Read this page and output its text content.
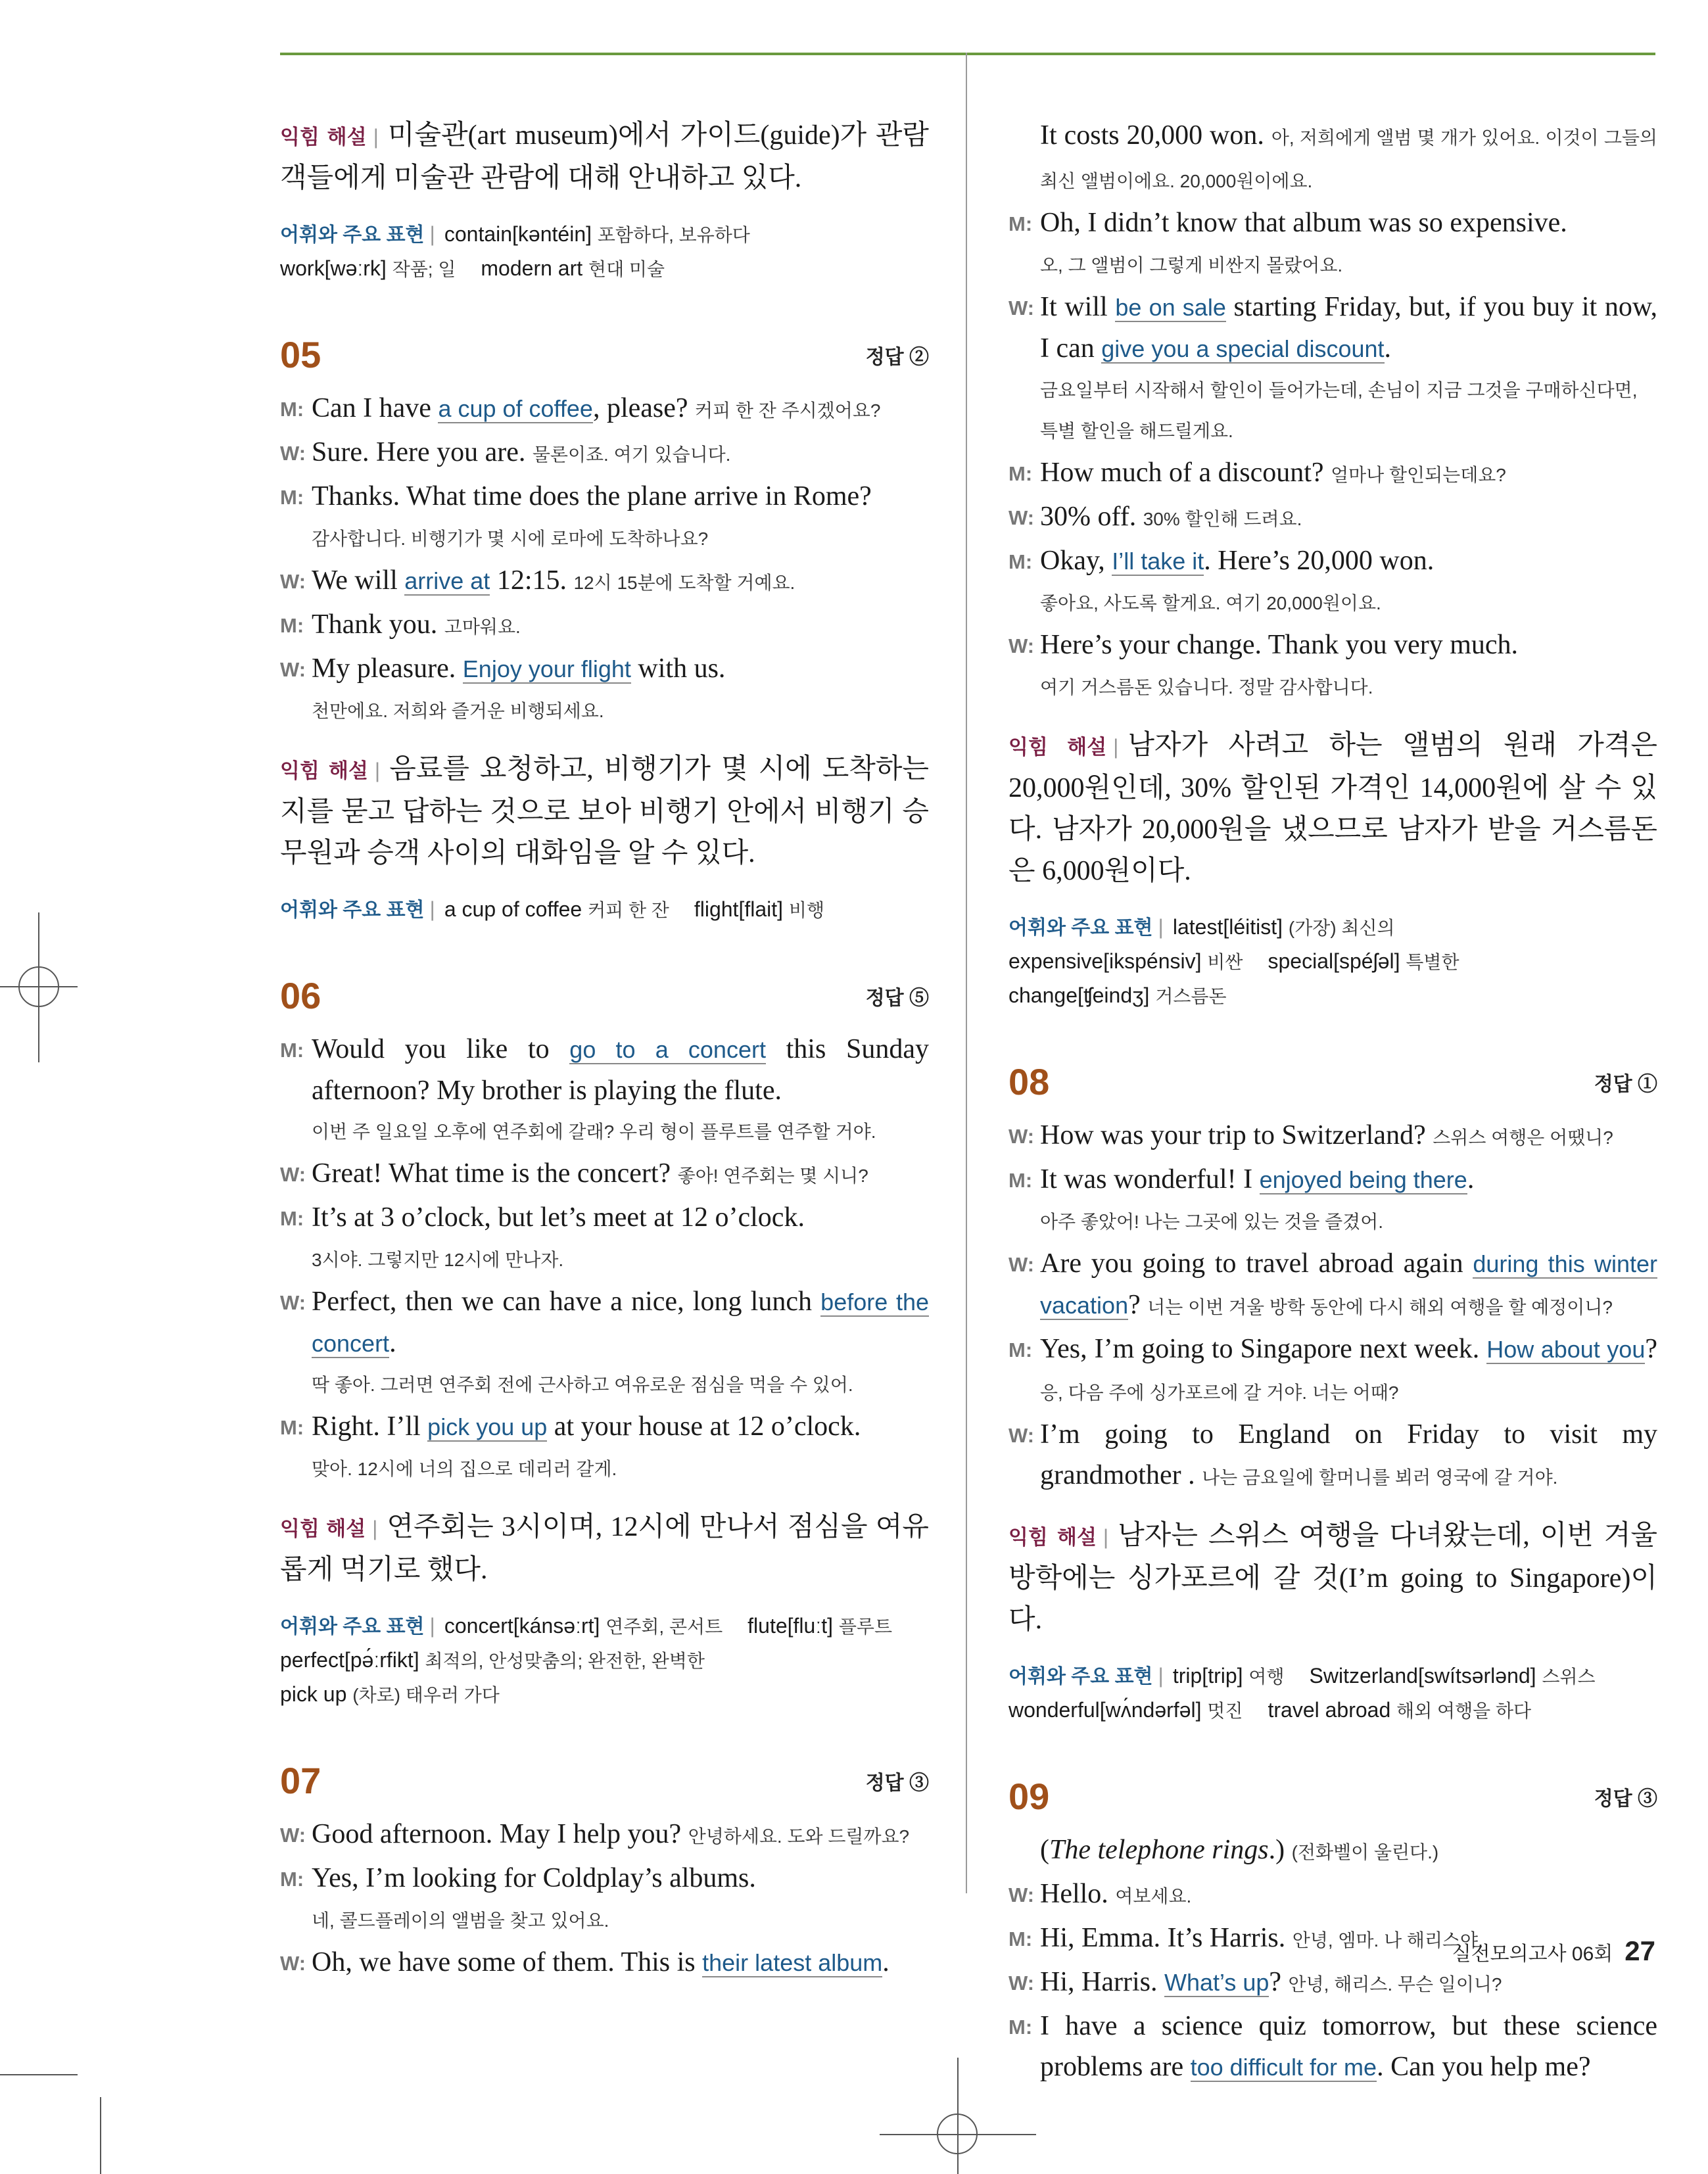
익힘 해설 | 미술관(art museum)에서 가이드(guide)가 관람객들에게 미술관 관람에 대해 안내하고 있다.
어휘와 주요 표현 | contain[kəntéin] 포함하다, 보유하다work[wəːrk] 작품; 일 modern art 현대 미술
05	정답 ②
M: Can I have a cup of coffee, please? 커피 한 잔 주시겠어요?
W: Sure. Here you are. 물론이죠. 여기 있습니다.
M: Thanks. What time does the plane arrive in Rome?
감사합니다. 비행기가 몇 시에 로마에 도착하나요?
W: We will arrive at 12:15. 12시 15분에 도착할 거예요.
M: Thank you. 고마워요.
W: My pleasure. Enjoy your flight with us.
천만에요. 저희와 즐거운 비행되세요.
익힘 해설 | 음료를 요청하고, 비행기가 몇 시에 도착하는지를 묻고 답하는 것으로 보아 비행기 안에서 비행기 승무원과 승객 사이의 대화임을 알 수 있다.
어휘와 주요 표현 | a cup of coffee 커피 한 잔 flight[flait] 비행
06	정답 ⑤
M: Would you like to go to a concert this Sunday afternoon? My brother is playing the flute.
이번 주 일요일 오후에 연주회에 갈래? 우리 형이 플루트를 연주할 거야.
W: Great! What time is the concert? 좋아! 연주회는 몇 시니?
M: It’s at 3 o’clock, but let’s meet at 12 o’clock.
3시야. 그렇지만 12시에 만나자.
W: Perfect, then we can have a nice, long lunch before the concert.
딱 좋아. 그러면 연주회 전에 근사하고 여유로운 점심을 먹을 수 있어.
M: Right. I’ll pick you up at your house at 12 o’clock.
맞아. 12시에 너의 집으로 데리러 갈게.
익힘 해설 | 연주회는 3시이며, 12시에 만나서 점심을 여유롭게 먹기로 했다.
어휘와 주요 표현 | concert[kánsəːrt] 연주회, 콘서트 flute[fluːt] 플루트perfect[pə́ːrfikt] 최적의, 안성맞춤의; 완전한, 완벽한pick up (차로) 태우러 가다
07	정답 ③
W: Good afternoon. May I help you? 안녕하세요. 도와 드릴까요?
M: Yes, I’m looking for Coldplay’s albums.
네, 콜드플레이의 앨범을 찾고 있어요.
W: Oh, we have some of them. This is their latest album.
It costs 20,000 won. 아, 저희에게 앨범 몇 개가 있어요. 이것이 그들의 최신 앨범이에요. 20,000원이에요.
M: Oh, I didn’t know that album was so expensive.
오, 그 앨범이 그렇게 비싼지 몰랐어요.
W: It will be on sale starting Friday, but, if you buy it now, I can give you a special discount.
금요일부터 시작해서 할인이 들어가는데, 손님이 지금 그것을 구매하신다면, 특별 할인을 해드릴게요.
M: How much of a discount? 얼마나 할인되는데요?
W: 30% off. 30% 할인해 드려요.
M: Okay, I’ll take it. Here’s 20,000 won.
좋아요, 사도록 할게요. 여기 20,000원이요.
W: Here’s your change. Thank you very much.
여기 거스름돈 있습니다. 정말 감사합니다.
익힘 해설 | 남자가 사려고 하는 앨범의 원래 가격은 20,000원인데, 30% 할인된 가격인 14,000원에 살 수 있다. 남자가 20,000원을 냈으므로 남자가 받을 거스름돈은 6,000원이다.
어휘와 주요 표현 | latest[léitist] (가장) 최신의expensive[ikspénsiv] 비싼 special[spéʃəl] 특별한change[ʧeindʒ] 거스름돈
08	정답 ①
W: How was your trip to Switzerland? 스위스 여행은 어땠니?
M: It was wonderful! I enjoyed being there.
아주 좋았어! 나는 그곳에 있는 것을 즐겼어.
W: Are you going to travel abroad again during this winter vacation? 너는 이번 겨울 방학 동안에 다시 해외 여행을 할 예정이니?
M: Yes, I’m going to Singapore next week. How about you? 응, 다음 주에 싱가포르에 갈 거야. 너는 어때?
W: I’m going to England on Friday to visit my grandmother . 나는 금요일에 할머니를 뵈러 영국에 갈 거야.
익힘 해설 | 남자는 스위스 여행을 다녀왔는데, 이번 겨울 방학에는 싱가포르에 갈 것(I’m going to Singapore)이다.
어휘와 주요 표현 | trip[trip] 여행 Switzerland[swítsərlənd] 스위스wonderful[wʌ́ndərfəl] 멋진 travel abroad 해외 여행을 하다
09	정답 ③
(The telephone rings.) (전화벨이 울린다.)
W: Hello. 여보세요.
M: Hi, Emma. It’s Harris. 안녕, 엠마. 나 해리스야.
W: Hi, Harris. What’s up? 안녕, 해리스. 무슨 일이니?
M: I have a science quiz tomorrow, but these science problems are too difficult for me. Can you help me?
실전모의고사 06회 27
